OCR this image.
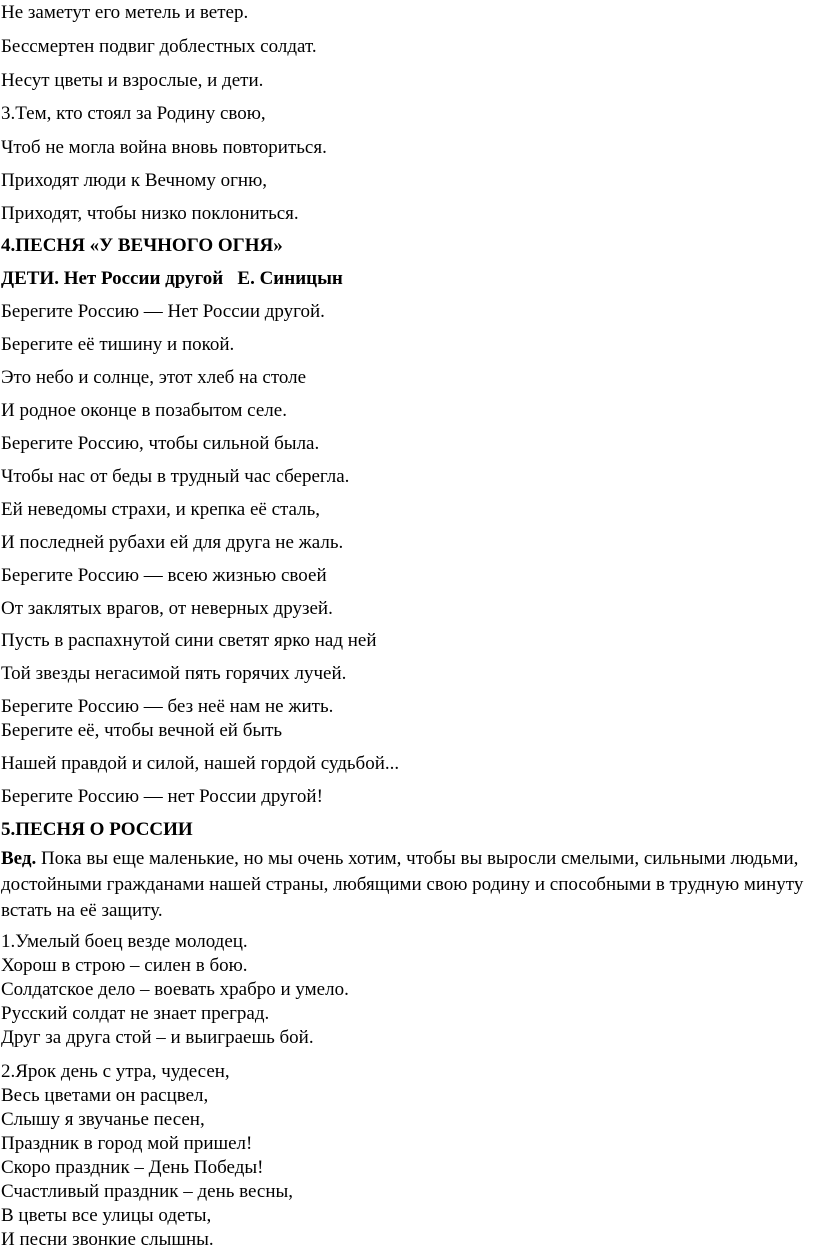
Не заметут его метель и ветер.
Бессмертен подвиг доблестных солдат.
Несут цветы и взрослые, и дети.
3.Тем, кто стоял за Родину свою,
Чтоб не могла война вновь повториться.
Приходят люди к Вечному огню,
Приходят, чтобы низко поклониться.
4.ПЕСНЯ «У ВЕЧНОГО ОГНЯ»
ДЕТИ. Нет России другой   Е. Синицын
Берегите Россию — Нет России другой.
Берегите её тишину и покой.
Это небо и солнце, этот хлеб на столе
И родное оконце в позабытом селе.
Берегите Россию, чтобы сильной была.
Чтобы нас от беды в трудный час сберегла.
Ей неведомы страхи, и крепка её сталь,
И последней рубахи ей для друга не жаль.
Берегите Россию — всею жизнью своей
От заклятых врагов, от неверных друзей.
Пусть в распахнутой сини светят ярко над ней
Той звезды негасимой пять горячих лучей.
Берегите Россию — без неё нам не жить.
Берегите её, чтобы вечной ей быть
Нашей правдой и силой, нашей гордой судьбой...
Берегите Россию — нет России другой!
5.ПЕСНЯ О РОССИИ
Вед. Пока вы еще маленькие, но мы очень хотим, чтобы вы выросли смелыми, сильными людьми, достойными гражданами нашей страны, любящими свою родину и способными в трудную минуту встать на её защиту.
1.Умелый боец везде молодец.
Хорош в строю – силен в бою.
Солдатское дело – воевать храбро и умело.
Русский солдат не знает преград.
Друг за друга стой – и выиграешь бой.
2.Ярок день с утра, чудесен,
Весь цветами он расцвел,
Слышу я звучанье песен,
Праздник в город мой пришел!
Скоро праздник – День Победы!
Счастливый праздник – день весны,
В цветы все улицы одеты,
И песни звонкие слышны.
